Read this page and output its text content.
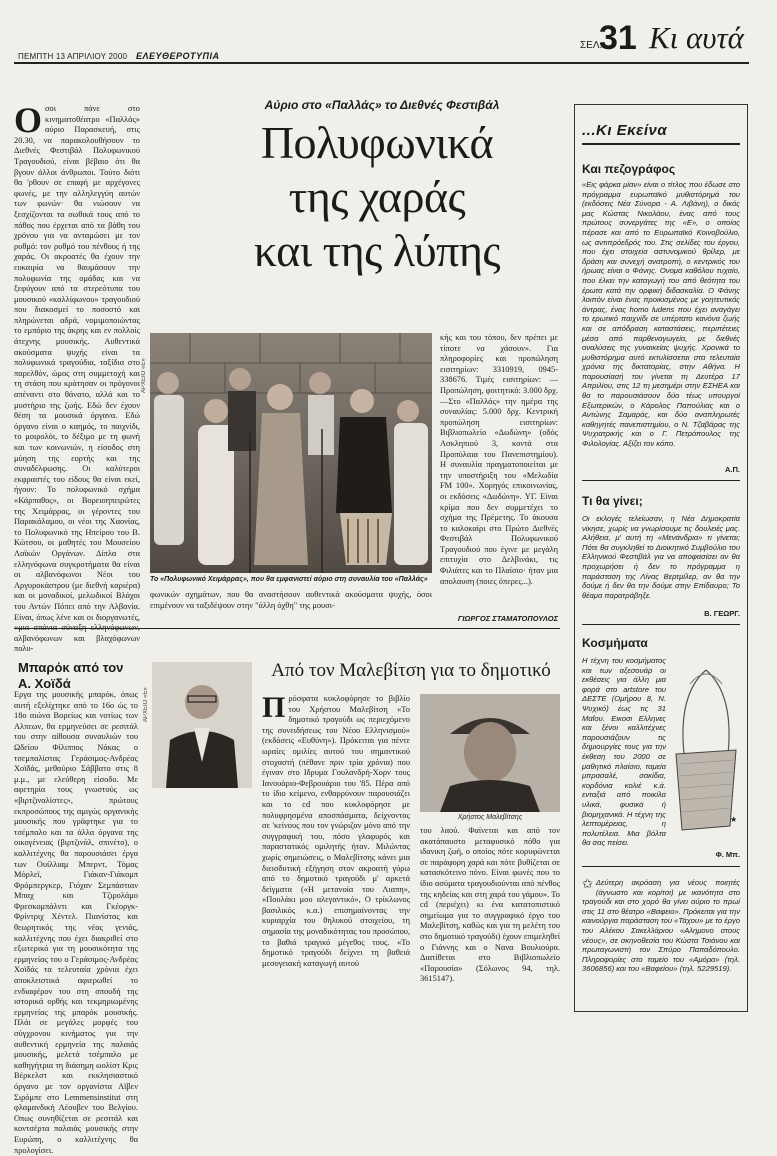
ΠΕΜΠΤΗ 13 ΑΠΡΙΛΙΟΥ 2000 ΕΛΕΥΘΕΡΟΤΥΠΙΑ
ΣΕΛ.
31 Κι αυτά
Αύριο στο «Παλλάς» το Διεθνές Φεστιβάλ
Πολυφωνικά
της χαράς
και της λύπης
Ο σοι πάνε στο κινηματοθέατρο «Παλλάς» αύριο Παρασκευή, στις 20.30, να παρακολουθήσουν το Διεθνές Φεστιβάλ Πολυφωνικού Τραγουδιού, είναι βέβαιο ότι θα βγουν άλλοι άνθρωποι. Τούτο διότι θα 'ρθουν σε επαφή με αρχέγονες φωνές, με την αλληλεγγύη αυτών των φωνών· θα νιώσουν να ξεσχίζονται τα σωθικά τους από το πάθος που έρχεται από τα βάθη του χρόνου για να ανταμώσει με τον ρυθμό: τον ρυθμό του πένθους ή της χαράς. Οι ακροατές θα έχουν την ευκαιρία να θαυμάσουν την πολυφωνία της ομάδας και να ξεφύγουν από τα στερεότυπα του μουσικού «καλλίφωνου» τραγουδιού που διακοσμεί το ποσοστό και πληρώνεται αδρά, νομιμοποιώντας το εμπόριο της άκρης και εν πολλοίς άτεχνης μουσικής. Αυθεντικά ακούσματα ψυχής είναι τα πολυφωνικά τραγούδια, ταξίδια στο παρελθόν, ώμος στη συμμετοχή και τη στάση που κράτησαν οι πρόγονοι απέναντι στο θάνατο, αλλά και το μυστήριο της ζωής. Εδώ δεν έχουν θέση τα μουσικά όργανα. Εδώ όργανο είναι ο καημός, το παιχνίδι, το μοιρολόι, το δέξιμο με τη φωνή και των κοινωνιών, η είσοδος στη μύηση της εορτής και της συναδέλφωσης. Οι καλύτεροι εκφραστές του είδους θα είναι εκεί, ήγουν: Το πολυφωνικό σχήμα «Κάρπαθος», οι Βορειοηπειρώτες της Χειμάρρας, οι γέροντες του Παρακάλαμου, οι νέοι της Χαονίας, το Πολυφωνικό της Ηπείρου του Β. Κώτσου, οι μαθητές του Μουσείου Λαϊκών Οργάνων. Δίπλα στα ελληνόφωνα συγκροτήματα θα είναι οι αλβανόφωνοι Νέοι του Αργυροκάστρου (με διεθνή καριέρα) και οι μοναδικοί, μελωδικοί Βλάχοι του Αντών Πόπει από την Αλβανία. Είναι, όπως λένε και οι διοργανωτές, αλβανόφωνων και βλαχόφωνων πολυ-
ΑΡΧΕΙΟ «Ε»
Το «Πολυφωνικό Χειμάρρας», που θα εμφανιστεί αύριο στη συναυλία του «Παλλάς»
φωνικών σχημάτων, που θα αναστήσουν αυθεντικά ακούσματα ψυχής, όσοι επιμένουν να ταξιδέψουν στην "άλλη όχθη" της μουσι-
κής και του τόπου, δεν πρέπει με τίποτε να χάσουν». Για πληροφορίες και προπώληση εισιτηρίων: 3310919, 0945-338676. Τιμές εισιτηρίων: —Προπώληση, φοιτητικό: 3.000 δρχ. —Στο «Παλλάς» την ημέρα της συναυλίας: 5.000 δρχ. Κεντρική προπώληση εισιτηρίων: Βιβλιοπωλείο «Δωδώνη» (οδός Ασκληπιού 3, κοντά στα Προπύλαια του Πανεπιστημίου). Η συναυλία πραγματοποιείται με την υποστήριξη του «Μελωδία FM 100». Χορηγός επικοινωνίας, οι εκδόσεις «Δωδώνη». ΥΓ. Είναι κρίμα που δεν συμμετέχει το σχήμα της Πρέμετης. Το άκουσα το καλοκαίρι στο Πρώτο Διεθνές Φεστιβάλ Πολυφωνικού Τραγουδιού που έγινε με μεγάλη επιτυχία στο Δελβινάκι, τις Φιλιάτες και το Πλαίσιο· ήταν μια απολαυση (ποιες όπερες...).
ΓΙΩΡΓΟΣ ΣΤΑΜΑΤΟΠΟΥΛΟΣ
Μπαρόκ από τον Α. Χοϊδά
ΑΡΧΕΙΟ «Ε»
Εργα της μουσικής μπαρόκ, όπως αυτή εξελίχτηκε από το 16ο ώς το 18ο αιώνα Βορείως και νοτίως των Αλπεων, θα ερμηνεύσει σε ρεσιτάλ του στην αίθουσα συναυλιών του Ωδείου Φίλιππος Νάκας ο τσεμπαλίστας Γεράσιμος-Ανδρέας Χοϊδάς, μεθαύριο Σάββατο στις 8 μ.μ., με ελεύθερη είσοδο. Με αφετηρία τους γνωστούς ως «βιρτζιναλίστες», πρώτους εκπροσώπους της αμιγώς οργανικής μουσικής που γράφτηκε για το τσέμπαλο και τα άλλα όργανα της οικογένειας (βιρτζινάλ, σπινέτο), ο καλλιτέχνης θα παρουσιάσει έργα των Ουίλλιαμ Μπερντ, Τόμας Μόρλεϊ, Γιάκαν-Γιάκομπ Φρόμπεργκερ, Γιόχαν Σεμπάστιαν Μπαχ και Τζιρολάμο Φρεσκομπάλντι και Γκέοργκ-Φρίντριχ Χέντελ. Πιανίστας και θεωρητικός της νέας γενιάς, καλλιτέχνης που έχει διακριθεί στο εξωτερικό για τη μουσικότητα της ερμηνείας του ο Γεράσιμος-Ανδρέας Χοϊδάς τα τελευταία χρόνια έχει αποκλειστικά αφιερωθεί το ενδιαφέρον του στη σπουδή της ιστορικά ορθής και τεκμηριωμένης ερμηνείας της μπαρόκ μουσικής. Πλάι σε μεγάλες μορφές του σύγχρονου κινήματος για την αυθεντική ερμηνεία της παλαιάς μουσικής, μελετά τσέμπαλο με καθηγήτρια τη διάσημη ωολίστ Κρις Βέρκελστ και εκκλησιαστικό όργανο με τον οργανίστα Αϊβεν Σιρόμπε στο Lemmensinstitut στη φλαμανδική Λέουβεν του Βελγίου. Οπως συνηθίζεται σε ρεσιτάλ και κοντσέρτα παλαιάς μουσικής στην Ευρώπη, ο καλλιτέχνης θα προλογίσει.
Από τον Μαλεβίτση για το δημοτικό
Π ρόσφατα κυκλοφόρησε το βιβλίο του Χρήστου Μαλεβίτση «Το δημοτικό τραγούδι ως περιεχόμενο της συνειδήσεως του Νέου Ελληνισμού» (εκδόσεις «Ευθύνη»). Πρόκειται για πέντε ωραίες ομιλίες αυτού του σημαντικού στοχαστή (πέθανε πριν τρία χρόνια) που έγιναν στο Ιδρυμα Γουλανδρή-Χορν τους Ιανουάριο-Φεβρουάριο του '85. Πέρα από το ίδιο κείμενο, ενθαρρύνουν παρουσιάζει και το cd που κυκλοφόρησε με πολυφρησμένα αποσπάσματα, δείχνοντας σε 'κείνους που τον γνώριζαν μόνο από την συγγραφική του, πόσο γλαφυρός και παραστατικός ομιλητής ήταν. Μιλώντας χωρίς σημειώσεις, ο Μαλεβίτσης κάνει μια διεισδυτική εξήγηση στον ακροατή γύρω από το δημοτικό τραγούδι μ' αρκετά δείγματα («Η μετανοία του Λιαπη», «Πουλάκι μου αλεγαντικό», Ο τρίκλωνος βασιλικός κ.α.) επισημαίνοντας την κυριαρχία του θηλυκού στοιχείου, τη σημασία της μοναδικότητας του προσώπου, το βαθιά τραγικό μέγεθος τους. «Το δημοτικό τραγούδι δείχνει τη βαθειά μεσογειακή καταγωγή αυτού
Χρήστος Μαλεβίτσης
του λαού. Φαίνεται και από τον ακατάπαυστο μεταφυσικό πόθο για ιδανικη ζωή, ο οποίος πότε κορυφώνεται σε παράφορη χαρά και πότε βυθίζεται σε κατασκότεινο πόνο. Είναι φωνές που το ίδιο ασύματα τραγουδιούνται από πένθος της κηδείας και στη χαρά του γάμου». Το cd (περιέχει) κι ένα κατατοπιστικό σημείωμα για το συγγραφικό έργο του Μαλεβίτση, καθώς και για τη μελέτη του στο δημοτικό τραγούδι) έχουν επιμεληθεί ο Γιάννης και ο Νανα Βουλιούρα. Διατίθεται στο Βιβλιοπωλείο «Παρουσία» (Σόλωνος 94, τηλ. 3615147).
...Κι Εκείνα
Και πεζογράφος
«Εις φάρκα μίαν» είναι ο τίτλος που έδωσε στο πρόγραμμα ευρωπαϊκό μυθιστόρημά του (εκδόσεις Νέα Σύνορα - Α. Λιβάνη), ο δικός μας Κώστας Νικολάου, ένας από τους πρώτους συνεργάτες της «Ε», ο οποίος πέρασε και από το Ευρωπαϊκό Κοινοβούλιο, ως αντιπρόεδρός του. Στις σελίδες του έργου, που έχει στοιχεία αστυνομικού θρίλερ, με δράση και συνεχή ανατροπή, ο κεντρικός του ήρωας είναι ο Φάνης. Ονομα καθόλου τυχαίο, που έλκει την καταγωγή του από θεότητα του έρωτα κατά την ορφική διδασκαλία. Ο Φάνης λοιπόν είναι ένας προικισμένος με γοητευτικός άντρας, ένας homo ludens που έχει αναγάγει το ερωτικό παιχνίδι σε υπέρτατο κανόνα ζωής και σε απόδραση καταστάσεις, περιπέτειες μέσα από παρθεναγωγεία, με διεθνές αναλύσεις της γυναικείας ψυχής. Χρονικά το μυθιστόρημα αυτό εκτυλίσσεται στα τελευταία χρόνια της δικτατορίας, στην Αθήνα. Η παρουσίασή του γίνεται τη Δευτέρα 17 Απριλίου, στις 12 τη μεσημέρι στην ΕΣΗΕΑ και θα το παρουσιάσουν δύο τέως υπουργοί Εξωτερικών, ο Κάρολος Παπούλιας και ο Αντώνης Σαμαράς, και δύο αναπληρωτές καθηγητές πανεπιστημίου, ο Ν. Τζαβάρας της Ψυχιατρικής και ο Γ. Πετρόπουλος της Φιλολογίας. Αξίζει τον κόπο.
Α.Π.
Τι θα γίνει;
Οι εκλογές τελείωσαν, η Νέα Δημοκρατία νίκησε, χωρίς να γνωρίσουμε τις δουλειές μας. Αλήθεια, μ' αυτή τη «Μενάνδρια» τι γίνεται; Πότε θα συγκληθεί το Διοικητικό Συμβούλιο του Ελληνικού Φεστιβάλ για να αποφασίσει αν θα προχωρήσει ή δεν το πρόγραμμα η παράσταση της Λίνας Βερτμίλερ, αν θα την δούμε ή δεν θα την δούμε στην Επίδαυρο; Το θέαμα παρατράβηξε.
Β. ΓΕΩΡΓ.
Κοσμήματα
Η τέχνη του κοσμήματος και των αξεσουάρ οι εκθέσεις για άλλη μια φορά στο artstore του ΔΕΣΤΕ (Ομήρου 8, Ν. Ψυχικό) έως τις 31 Μαΐου. Εικοσι Ελληνες και ξένοι καλλιτέχνες παρουσιάζουν τις δημιουργίες τους για την έκθεση του 2000 σε μαθητικό πλαίσιο, ταμεία μπρασαλέ, σακίδια, κορδόνια κολιέ κ.ά. ενταξιά από ποικίλα υλικά, φυσικά ή βιομηχανικά. Η τέχνη της λεπτομέρειας, η πολυτέλεια. Μια βόλτα θα σας πείσει.
★
Φ. Μπ.
✩ Δεύτερη ακρόαση για νέους ποιητές (άγνωστο και κορίτσι) με ικανότητα στο τραγούδι και στο χορό θα γίνει αύριο το πρωί στις 11 στο θέατρο «Βαφειο». Πρόκειται για την καινούργια παράσταση του «Τάχου» με το έργο του Αλέκου Σακελλάριου «Αλημονο στους νέους», σε σκηνοθεσία του Κώστα Τσιάνου και πρωταγωνιστή τον Σπύρο Παπαδόπουλο. Πληροφορίες στο ταμείο του «Αμόρα» (τηλ. 3606856) και του «Βαφείου» (τηλ. 5229519).
